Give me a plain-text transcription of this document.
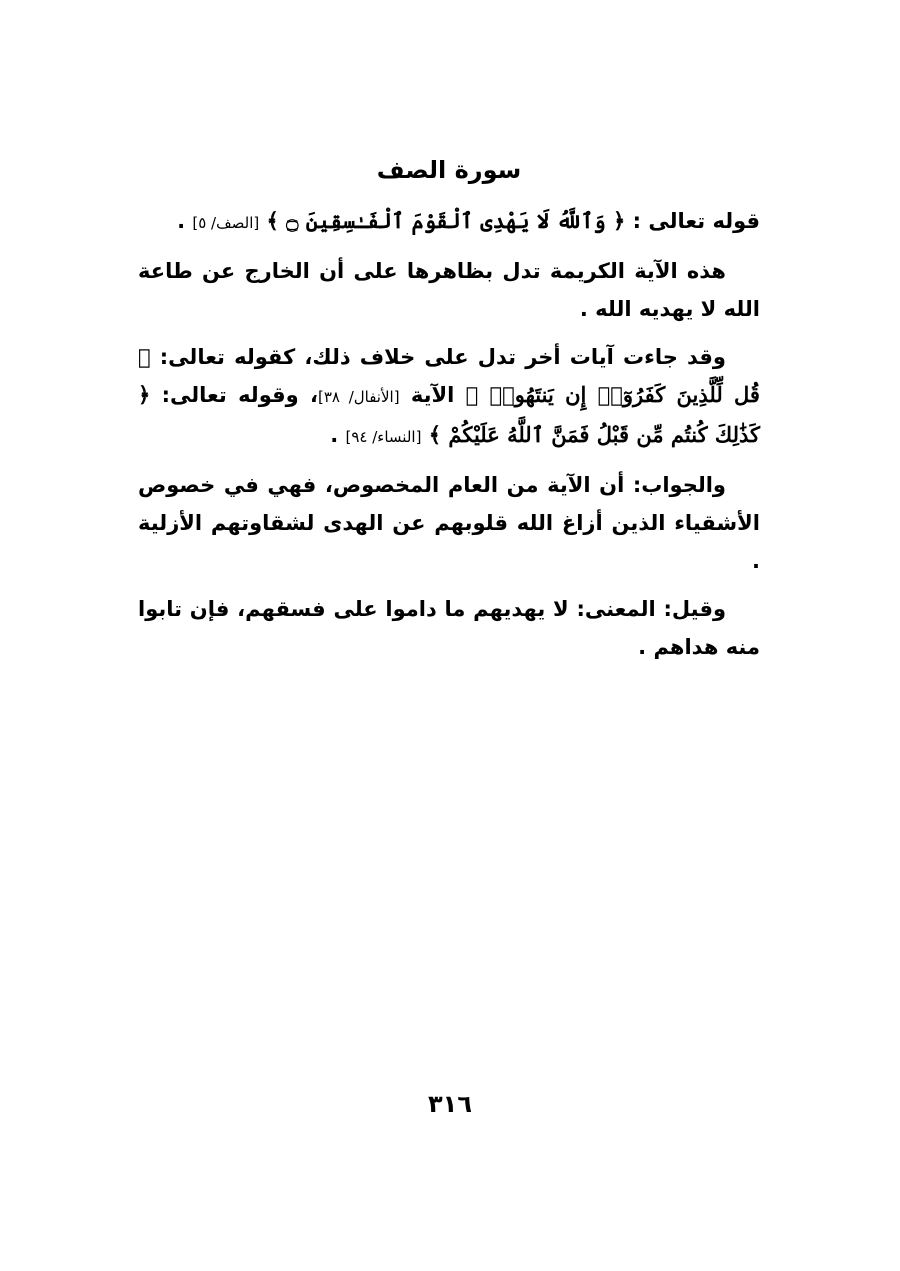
سورة الصف

قوله تعالى : ﴿ وَٱللَّهُ لَا يَهْدِى ٱلْقَوْمَ ٱلْفَـٰسِقِينَ ۝ ﴾ [الصف/ ٥] .

هذه الآية الكريمة تدل بظاهرها على أن الخارج عن طاعة الله لا يهديه الله .

وقد جاءت آيات أخر تدل على خلاف ذلك، كقوله تعالى: ﴿ قُل لِّلَّذِينَ كَفَرُوٓا۟ إِن يَنتَهُوا۟ ﴾ الآية [الأنفال/ ٣٨]، وقوله تعالى: ﴿ كَذَٰلِكَ كُنتُم مِّن قَبْلُ فَمَنَّ ٱللَّهُ عَلَيْكُمْ ﴾ [النساء/ ٩٤] .

والجواب: أن الآية من العام المخصوص، فهي في خصوص الأشقياء الذين أزاغ الله قلوبهم عن الهدى لشقاوتهم الأزلية .

وقيل: المعنى: لا يهديهم ما داموا على فسقهم، فإن تابوا منه هداهم .

٣١٦
